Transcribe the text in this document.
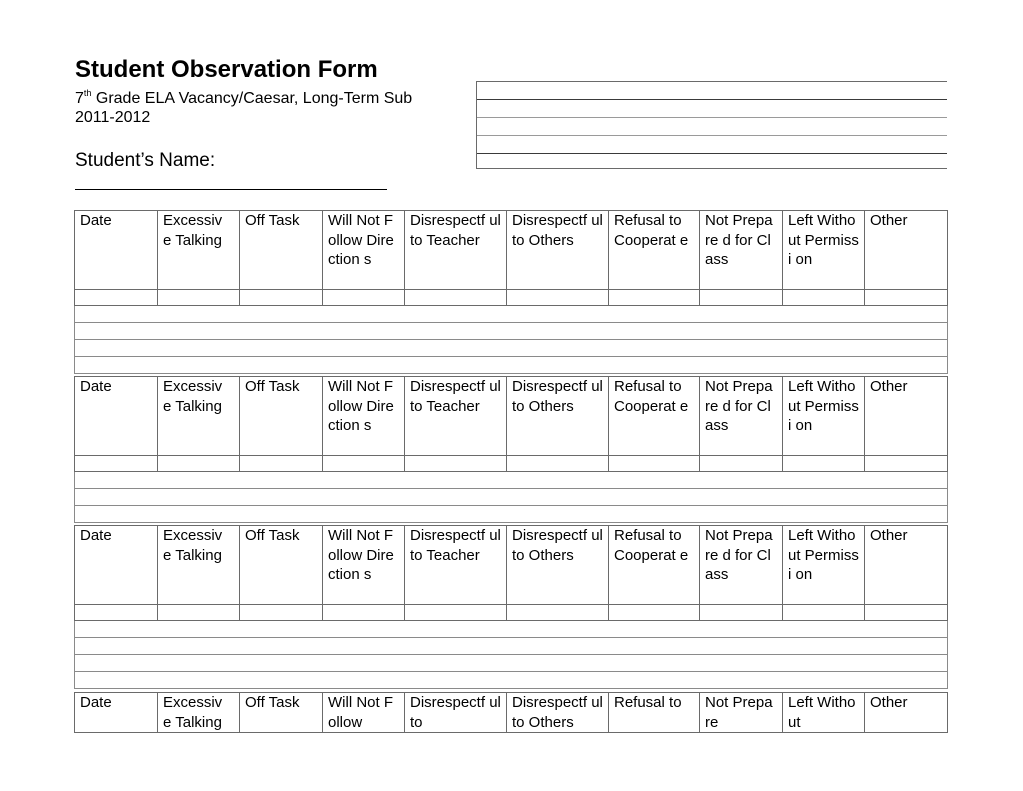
Student Observation Form
7th Grade ELA Vacancy/Caesar, Long-Term Sub
2011-2012
Student’s Name:
Date	Excessiv e Talking	Off Task	Will Not Follow Direction s	Disrespectf ul to Teacher	Disrespectf ul to Others	Refusal to Cooperat e	Not Prepare d for Class	Left Without Permissi on	Other

Date	Excessiv e Talking	Off Task	Will Not Follow Direction s	Disrespectf ul to Teacher	Disrespectf ul to Others	Refusal to Cooperat e	Not Prepare d for Class	Left Without Permissi on	Other

Date	Excessiv e Talking	Off Task	Will Not Follow Direction s	Disrespectf ul to Teacher	Disrespectf ul to Others	Refusal to Cooperat e	Not Prepare d for Class	Left Without Permissi on	Other

Date	Excessiv e Talking	Off Task	Will Not Follow	Disrespectf ul to	Disrespectf ul to Others	Refusal to	Not Prepare	Left Without	Other
